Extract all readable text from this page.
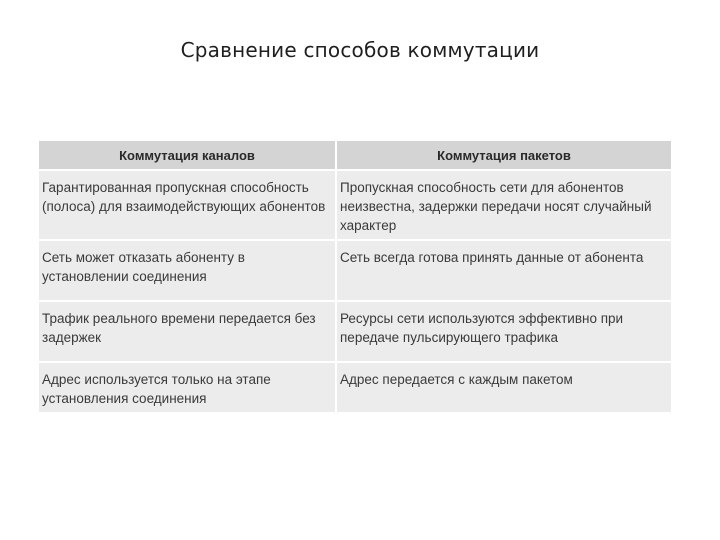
Сравнение способов коммутации
Коммутация каналов	Коммутация пакетов
Гарантированная пропускная способность (полоса) для взаимодействующих абонентов	Пропускная способность сети для абонентов неизвестна, задержки передачи носят случайный характер
Сеть может отказать абоненту в установлении соединения	Сеть всегда готова принять данные от абонента
Трафик реального времени передается без задержек	Ресурсы сети используются эффективно при передаче пульсирующего трафика
Адрес используется только на этапе установления соединения	Адрес передается с каждым пакетом
